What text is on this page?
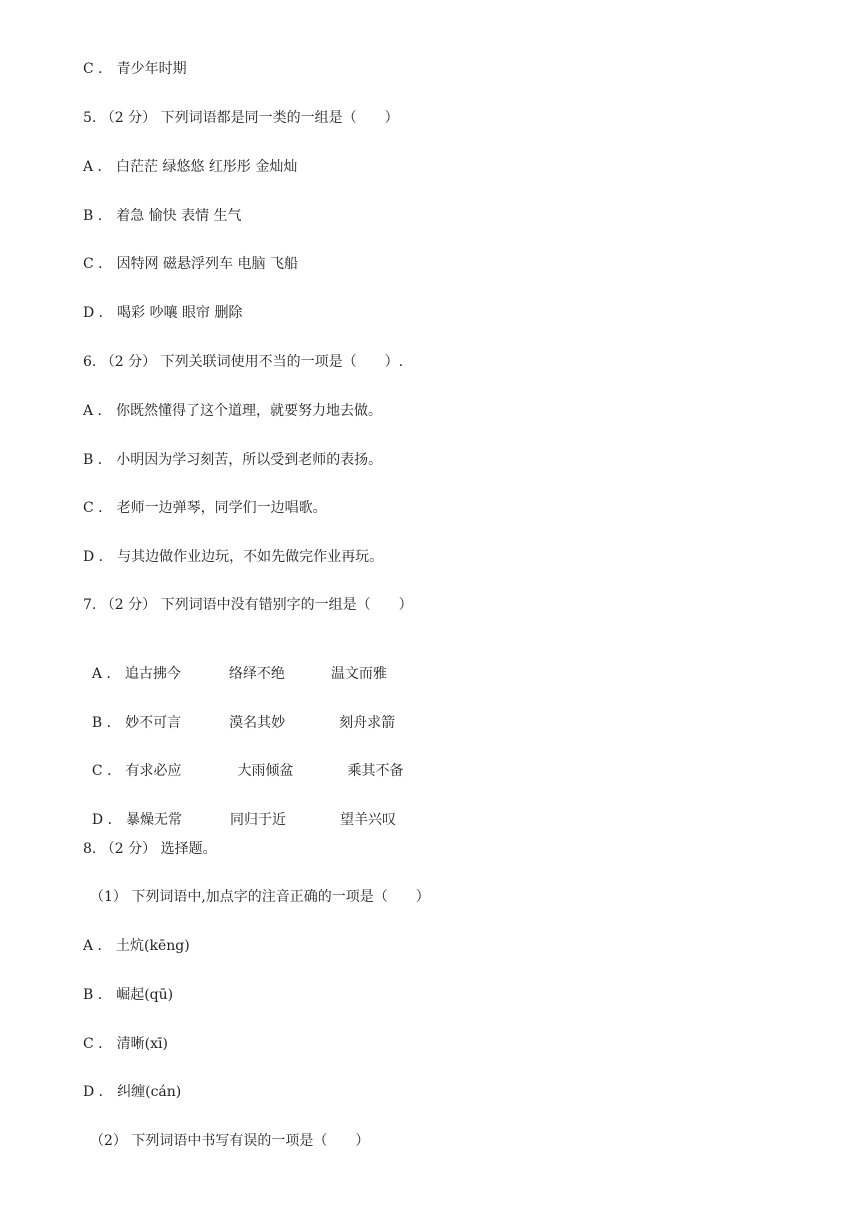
C ． 青少年时期
5. （2 分） 下列词语都是同一类的一组是（　　）
A ． 白茫茫 绿悠悠 红彤彤 金灿灿
B ． 着急 愉快 表情 生气
C ． 因特网 磁悬浮列车 电脑 飞船
D ． 喝彩 吵嚷 眼帘 删除
6. （2 分） 下列关联词使用不当的一项是（　　）.
A ． 你既然懂得了这个道理，就要努力地去做。
B ． 小明因为学习刻苦，所以受到老师的表扬。
C ． 老师一边弹琴，同学们一边唱歌。
D ． 与其边做作业边玩，不如先做完作业再玩。
7. （2 分） 下列词语中没有错别字的一组是（　　）

A ． 追古拂今	络绎不绝	温文而雅

B ． 妙不可言	漠名其妙	刻舟求箭

C ． 有求必应	大雨倾盆	乘其不备

D ． 暴燥无常	同归于近	望羊兴叹

8. （2 分） 选择题。
（1） 下列词语中,加点字的注音正确的一项是（　　）
A ． 土炕(kēng)
B ． 崛起(qū)
C ． 清晰(xī)
D ． 纠缠(cán)
（2） 下列词语中书写有误的一项是（　　）
